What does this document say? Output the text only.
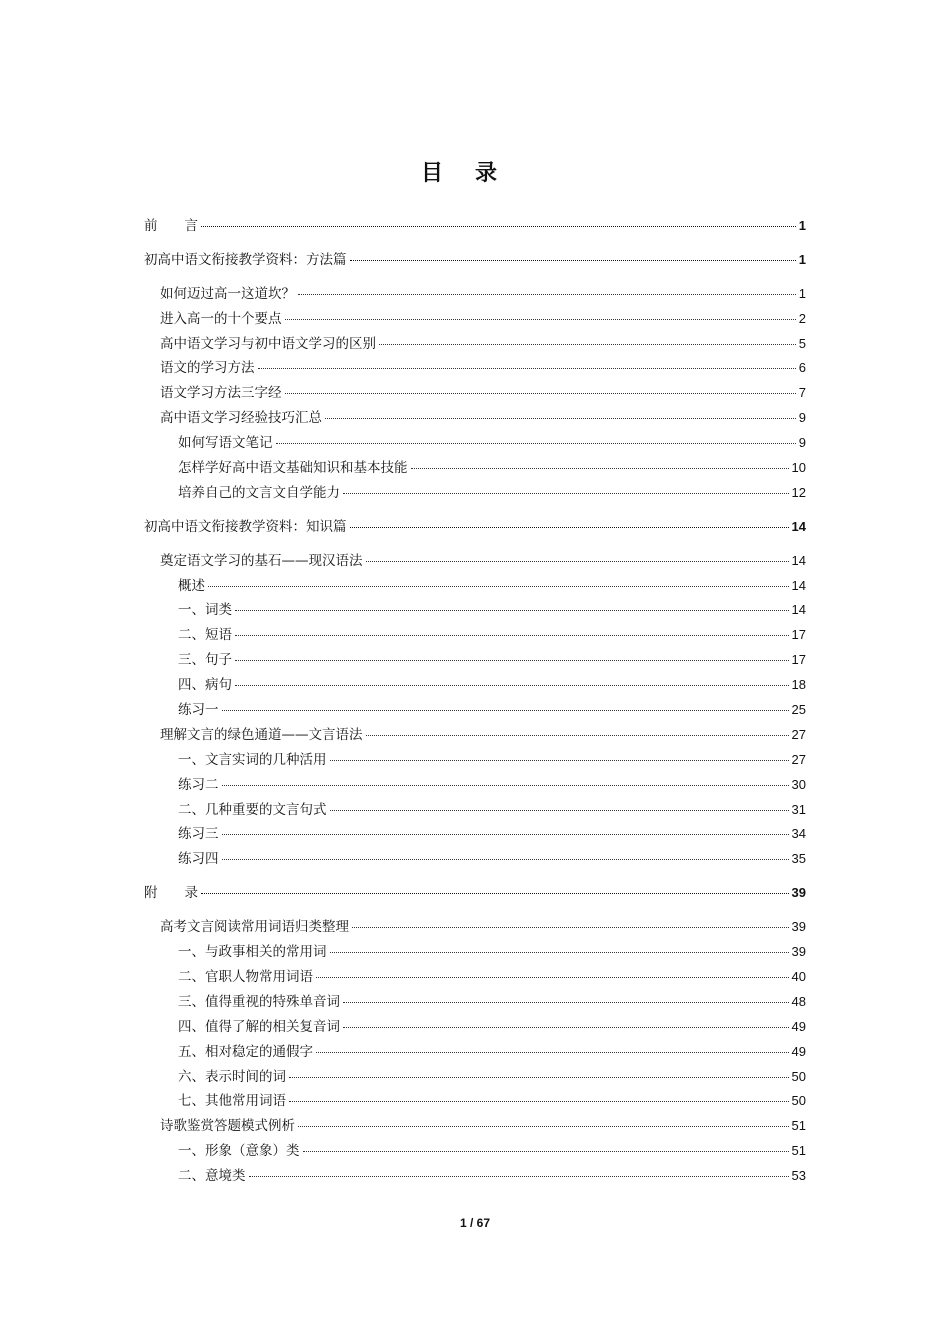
目录
前　　言	1
初高中语文衔接教学资料：方法篇	1
如何迈过高一这道坎？	1
进入高一的十个要点	2
高中语文学习与初中语文学习的区别	5
语文的学习方法	6
语文学习方法三字经	7
高中语文学习经验技巧汇总	9
如何写语文笔记	9
怎样学好高中语文基础知识和基本技能	10
培养自己的文言文自学能力	12
初高中语文衔接教学资料：知识篇	14
奠定语文学习的基石——现汉语法	14
概述	14
一、词类	14
二、短语	17
三、句子	17
四、病句	18
练习一	25
理解文言的绿色通道——文言语法	27
一、文言实词的几种活用	27
练习二	30
二、几种重要的文言句式	31
练习三	34
练习四	35
附　　录	39
高考文言阅读常用词语归类整理	39
一、与政事相关的常用词	39
二、官职人物常用词语	40
三、值得重视的特殊单音词	48
四、值得了解的相关复音词	49
五、相对稳定的通假字	49
六、表示时间的词	50
七、其他常用词语	50
诗歌鉴赏答题模式例析	51
一、形象（意象）类	51
二、意境类	53
1 / 67
